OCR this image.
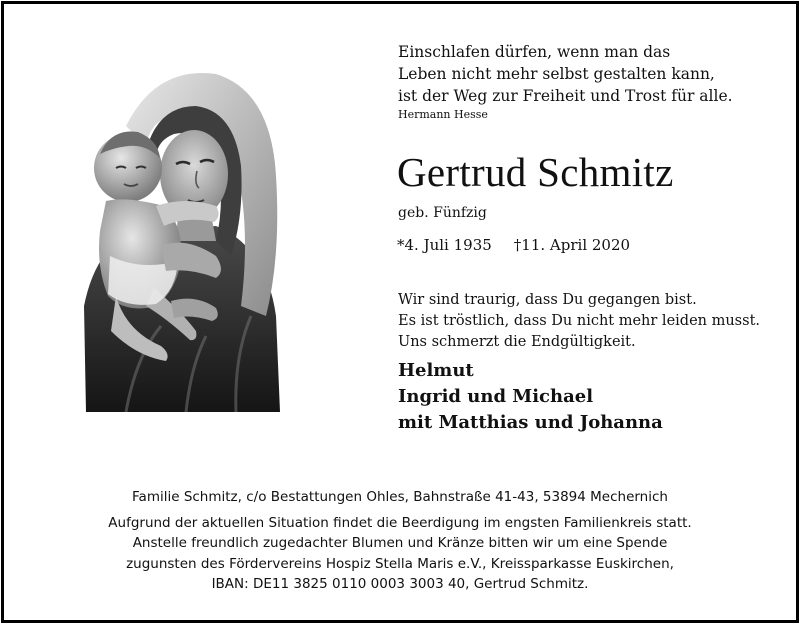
Einschlafen dürfen, wenn man das
Leben nicht mehr selbst gestalten kann,
ist der Weg zur Freiheit und Trost für alle.
Hermann Hesse
Gertrud Schmitz
geb. Fünfzig
*4. Juli 1935 †11. April 2020
Wir sind traurig, dass Du gegangen bist.
Es ist tröstlich, dass Du nicht mehr leiden musst.
Uns schmerzt die Endgültigkeit.
Helmut
Ingrid und Michael
mit Matthias und Johanna
Familie Schmitz, c/o Bestattungen Ohles, Bahnstraße 41-43, 53894 Mechernich
Aufgrund der aktuellen Situation findet die Beerdigung im engsten Familienkreis statt.
Anstelle freundlich zugedachter Blumen und Kränze bitten wir um eine Spende
zugunsten des Fördervereins Hospiz Stella Maris e.V., Kreissparkasse Euskirchen,
IBAN: DE11 3825 0110 0003 3003 40, Gertrud Schmitz.
